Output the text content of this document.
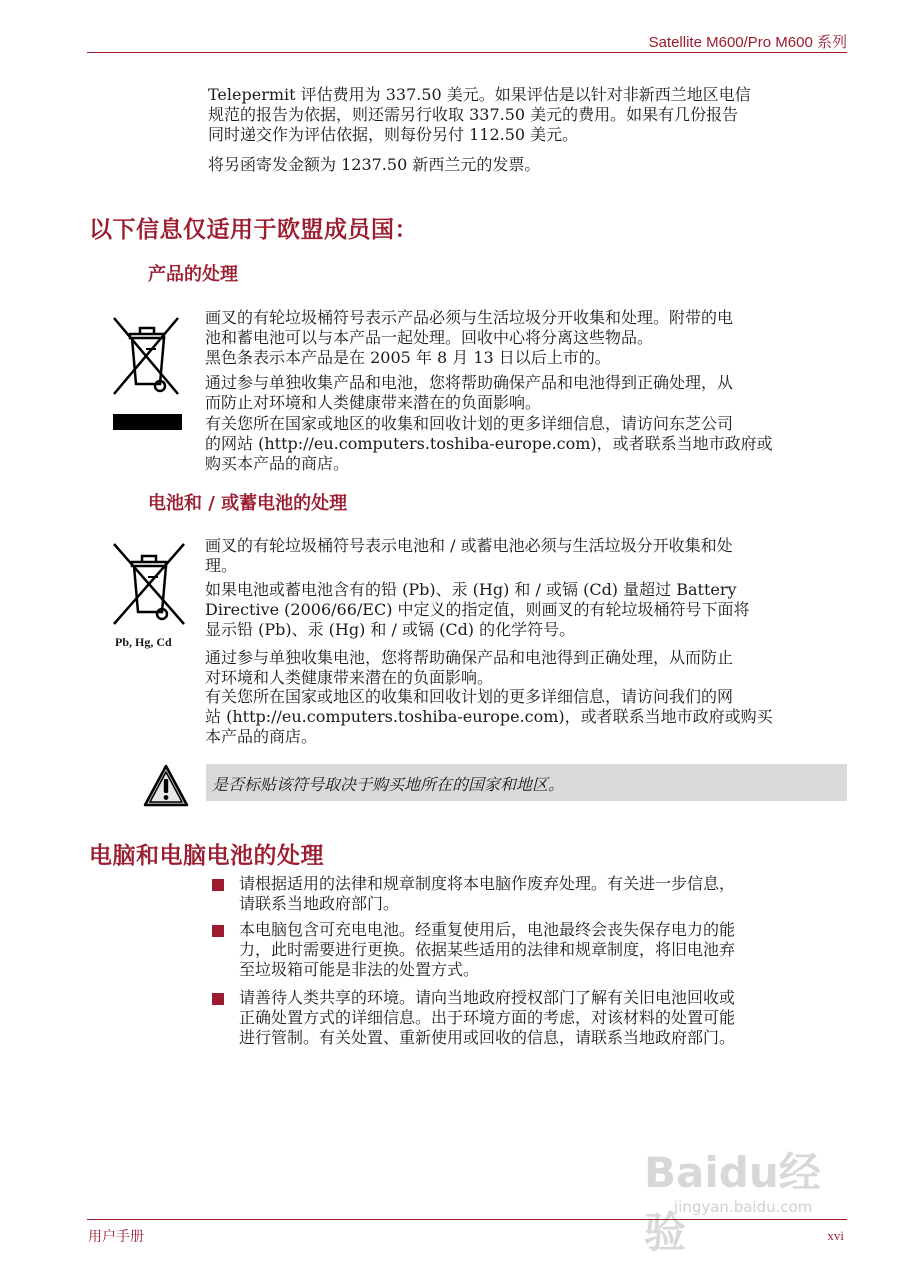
Satellite M600/Pro M600 系列
Telepermit 评估费用为 337.50 美元。如果评估是以针对非新西兰地区电信
规范的报告为依据，则还需另行收取 337.50 美元的费用。如果有几份报告
同时递交作为评估依据，则每份另付 112.50 美元。
将另函寄发金额为 1237.50 新西兰元的发票。
以下信息仅适用于欧盟成员国：
产品的处理
画叉的有轮垃圾桶符号表示产品必须与生活垃圾分开收集和处理。附带的电
池和蓄电池可以与本产品一起处理。回收中心将分离这些物品。
黑色条表示本产品是在 2005 年 8 月 13 日以后上市的。
通过参与单独收集产品和电池，您将帮助确保产品和电池得到正确处理，从
而防止对环境和人类健康带来潜在的负面影响。
有关您所在国家或地区的收集和回收计划的更多详细信息，请访问东芝公司
的网站 (http://eu.computers.toshiba-europe.com)，或者联系当地市政府或
购买本产品的商店。
电池和 / 或蓄电池的处理
Pb, Hg, Cd
画叉的有轮垃圾桶符号表示电池和 / 或蓄电池必须与生活垃圾分开收集和处
理。
如果电池或蓄电池含有的铅 (Pb)、汞 (Hg) 和 / 或镉 (Cd) 量超过 Battery
Directive (2006/66/EC) 中定义的指定值，则画叉的有轮垃圾桶符号下面将
显示铅 (Pb)、汞 (Hg) 和 / 或镉 (Cd) 的化学符号。
通过参与单独收集电池，您将帮助确保产品和电池得到正确处理，从而防止
对环境和人类健康带来潜在的负面影响。
有关您所在国家或地区的收集和回收计划的更多详细信息，请访问我们的网
站 (http://eu.computers.toshiba-europe.com)，或者联系当地市政府或购买
本产品的商店。
是否标贴该符号取决于购买地所在的国家和地区。
电脑和电脑电池的处理
请根据适用的法律和规章制度将本电脑作废弃处理。有关进一步信息，
请联系当地政府部门。
本电脑包含可充电电池。经重复使用后，电池最终会丧失保存电力的能
力，此时需要进行更换。依据某些适用的法律和规章制度，将旧电池弃
至垃圾箱可能是非法的处置方式。
请善待人类共享的环境。请向当地政府授权部门了解有关旧电池回收或
正确处置方式的详细信息。出于环境方面的考虑，对该材料的处置可能
进行管制。有关处置、重新使用或回收的信息，请联系当地政府部门。
Baidu经验
jingyan.baidu.com
用户手册	xvi
